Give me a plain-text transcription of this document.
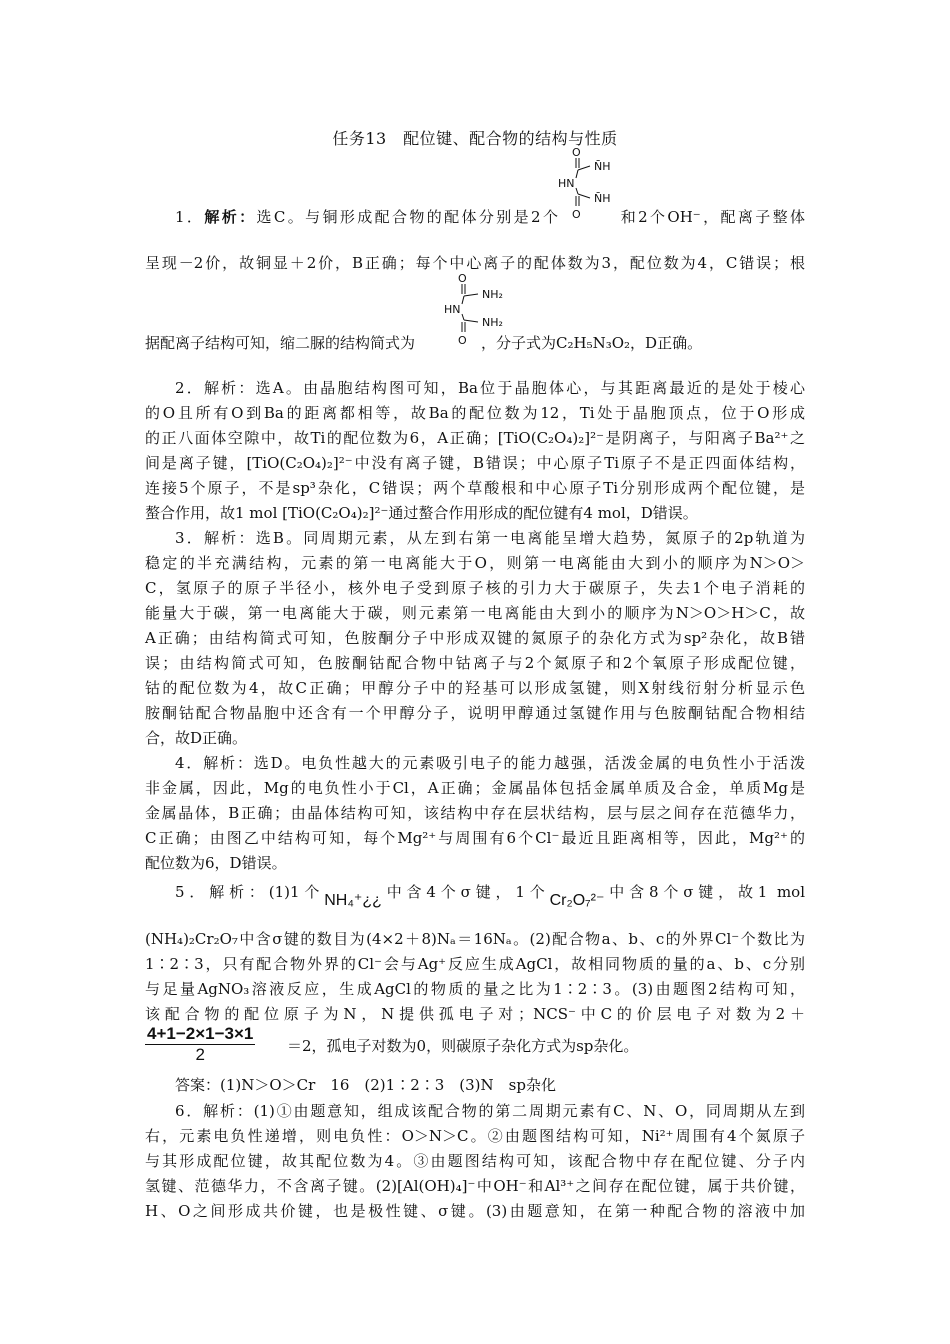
任务13　配位键、配合物的结构与性质
O
N̄H
HN
N̄H
O
1．解析：选C。与铜形成配合物的配体分别是2个	和2个OH⁻，配离子整体
呈现－2价，故铜显＋2价，B正确；每个中心离子的配体数为3，配位数为4，C错误；根
O
NH₂
HN
NH₂
O
据配离子结构可知，缩二脲的结构简式为	，分子式为C₂H₅N₃O₂，D正确。
2．解析：选A。由晶胞结构图可知，Ba位于晶胞体心，与其距离最近的是处于棱心
的O且所有O到Ba的距离都相等，故Ba的配位数为12，Ti处于晶胞顶点，位于O形成
的正八面体空隙中，故Ti的配位数为6，A正确；[TiO(C₂O₄)₂]²⁻是阴离子，与阳离子Ba²⁺之
间是离子键，[TiO(C₂O₄)₂]²⁻中没有离子键，B错误；中心原子Ti原子不是正四面体结构，
连接5个原子，不是sp³杂化，C错误；两个草酸根和中心原子Ti分别形成两个配位键，是
螯合作用，故1 mol [TiO(C₂O₄)₂]²⁻通过螯合作用形成的配位键有4 mol，D错误。
3．解析：选B。同周期元素，从左到右第一电离能呈增大趋势，氮原子的2p轨道为
稳定的半充满结构，元素的第一电离能大于O，则第一电离能由大到小的顺序为N＞O＞
C，氢原子的原子半径小，核外电子受到原子核的引力大于碳原子，失去1个电子消耗的
能量大于碳，第一电离能大于碳，则元素第一电离能由大到小的顺序为N＞O＞H＞C，故
A正确；由结构简式可知，色胺酮分子中形成双键的氮原子的杂化方式为sp²杂化，故B错
误；由结构简式可知，色胺酮钴配合物中钴离子与2个氮原子和2个氧原子形成配位键，
钴的配位数为4，故C正确；甲醇分子中的羟基可以形成氢键，则X射线衍射分析显示色
胺酮钴配合物晶胞中还含有一个甲醇分子，说明甲醇通过氢键作用与色胺酮钴配合物相结
合，故D正确。
4．解析：选D。电负性越大的元素吸引电子的能力越强，活泼金属的电负性小于活泼
非金属，因此，Mg的电负性小于Cl，A正确；金属晶体包括金属单质及合金，单质Mg是
金属晶体，B正确；由晶体结构可知，该结构中存在层状结构，层与层之间存在范德华力，
C正确；由图乙中结构可知，每个Mg²⁺与周围有6个Cl⁻最近且距离相等，因此，Mg²⁺的
配位数为6，D错误。
5．解析：(1)1个NH₄⁺¿¿中含4个σ键，1个Cr₂O₇²⁻中含8个σ键，故1 mol
(NH₄)₂Cr₂O₇中含σ键的数目为(4×2＋8)Nₐ＝16Nₐ。(2)配合物a、b、c的外界Cl⁻个数比为
1∶2∶3，只有配合物外界的Cl⁻会与Ag⁺反应生成AgCl，故相同物质的量的a、b、c分别
与足量AgNO₃溶液反应，生成AgCl的物质的量之比为1∶2∶3。(3)由题图2结构可知，
该配合物的配位原子为N，N提供孤电子对；NCS⁻中C的价层电子对数为2＋
$\frac{4+1-2\times 1-3\times 1}{2} =2$，孤电子对数为0，则碳原子杂化方式为sp杂化。
答案：(1)N＞O＞Cr　16　(2)1∶2∶3　(3)N　sp杂化
6．解析：(1)①由题意知，组成该配合物的第二周期元素有C、N、O，同周期从左到
右，元素电负性递增，则电负性：O＞N＞C。②由题图结构可知，Ni²⁺周围有4个氮原子
与其形成配位键，故其配位数为4。③由题图结构可知，该配合物中存在配位键、分子内
氢键、范德华力，不含离子键。(2)[Al(OH)₄]⁻中OH⁻和Al³⁺之间存在配位键，属于共价键，
H、O之间形成共价键，也是极性键、σ键。(3)由题意知，在第一种配合物的溶液中加
